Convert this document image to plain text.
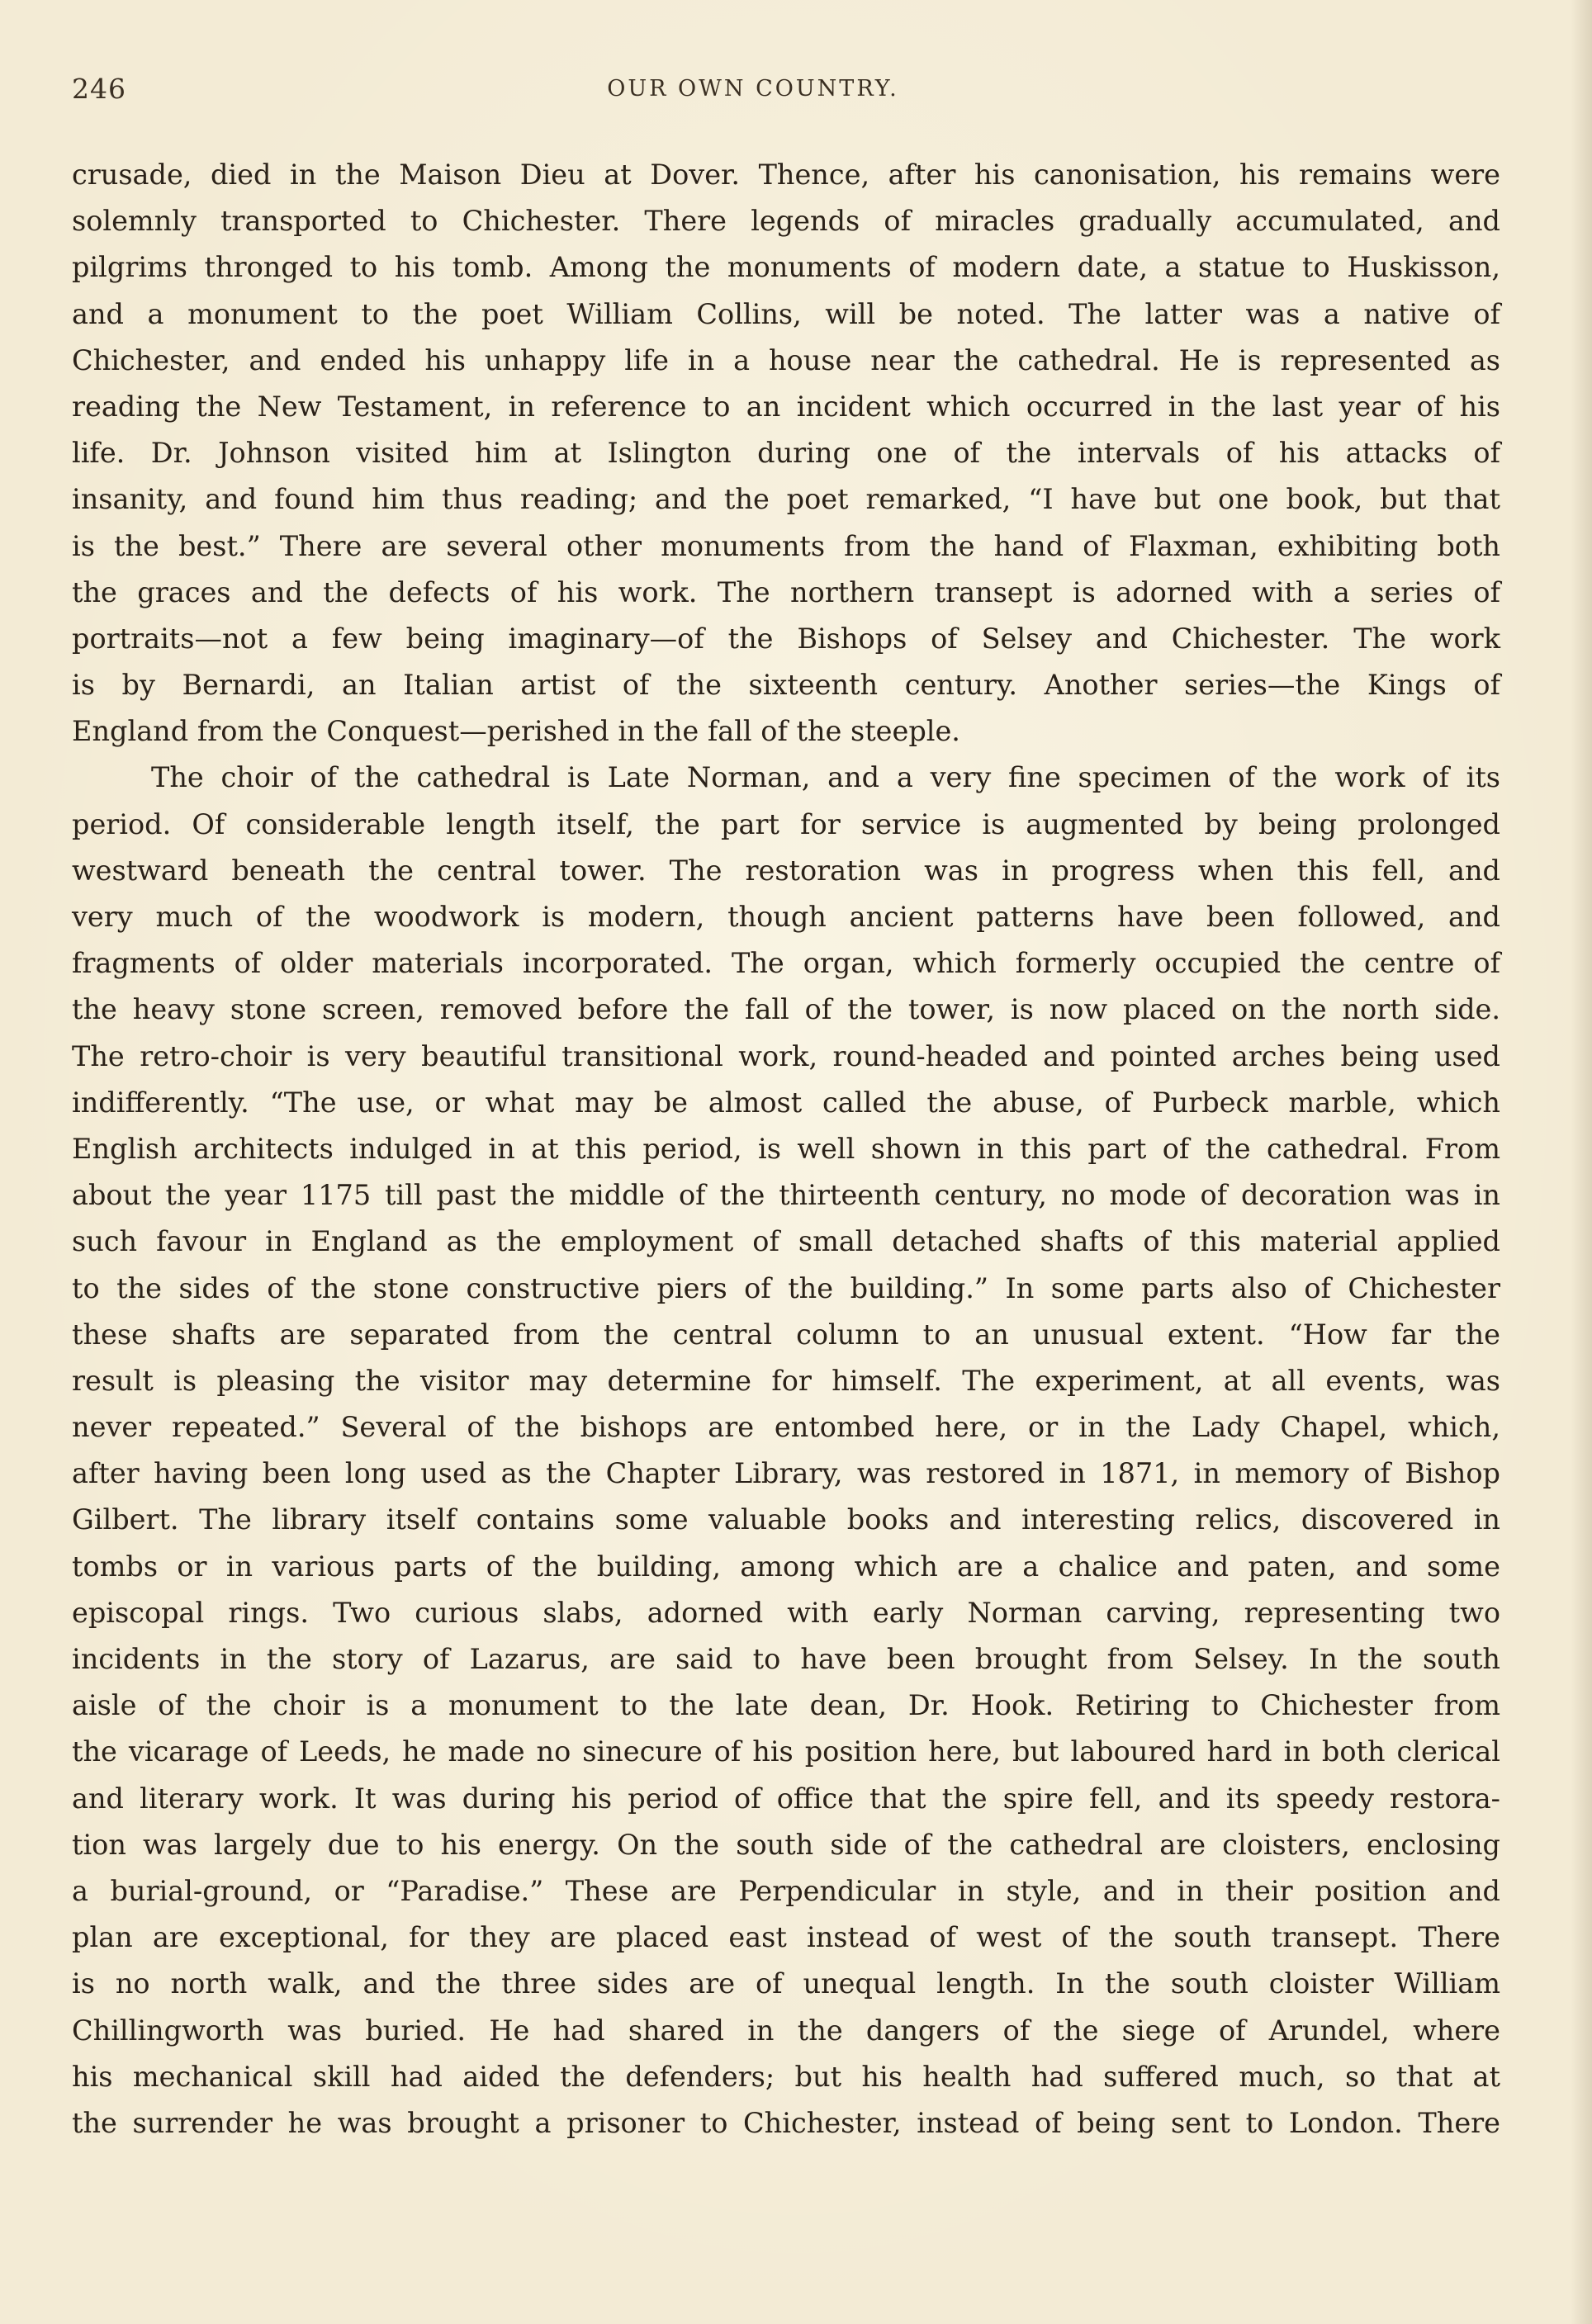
246	OUR OWN COUNTRY.
crusade, died in the Maison Dieu at Dover. Thence, after his canonisation, his remains were
solemnly transported to Chichester. There legends of miracles gradually accumulated, and
pilgrims thronged to his tomb. Among the monuments of modern date, a statue to Huskisson,
and a monument to the poet William Collins, will be noted. The latter was a native of
Chichester, and ended his unhappy life in a house near the cathedral. He is represented as
reading the New Testament, in reference to an incident which occurred in the last year of his
life. Dr. Johnson visited him at Islington during one of the intervals of his attacks of
insanity, and found him thus reading; and the poet remarked, “I have but one book, but that
is the best.” There are several other monuments from the hand of Flaxman, exhibiting both
the graces and the defects of his work. The northern transept is adorned with a series of
portraits—not a few being imaginary—of the Bishops of Selsey and Chichester. The work
is by Bernardi, an Italian artist of the sixteenth century. Another series—the Kings of
England from the Conquest—perished in the fall of the steeple.
The choir of the cathedral is Late Norman, and a very fine specimen of the work of its
period. Of considerable length itself, the part for service is augmented by being prolonged
westward beneath the central tower. The restoration was in progress when this fell, and
very much of the woodwork is modern, though ancient patterns have been followed, and
fragments of older materials incorporated. The organ, which formerly occupied the centre of
the heavy stone screen, removed before the fall of the tower, is now placed on the north side.
The retro-choir is very beautiful transitional work, round-headed and pointed arches being used
indifferently. “The use, or what may be almost called the abuse, of Purbeck marble, which
English architects indulged in at this period, is well shown in this part of the cathedral. From
about the year 1175 till past the middle of the thirteenth century, no mode of decoration was in
such favour in England as the employment of small detached shafts of this material applied
to the sides of the stone constructive piers of the building.” In some parts also of Chichester
these shafts are separated from the central column to an unusual extent. “How far the
result is pleasing the visitor may determine for himself. The experiment, at all events, was
never repeated.” Several of the bishops are entombed here, or in the Lady Chapel, which,
after having been long used as the Chapter Library, was restored in 1871, in memory of Bishop
Gilbert. The library itself contains some valuable books and interesting relics, discovered in
tombs or in various parts of the building, among which are a chalice and paten, and some
episcopal rings. Two curious slabs, adorned with early Norman carving, representing two
incidents in the story of Lazarus, are said to have been brought from Selsey. In the south
aisle of the choir is a monument to the late dean, Dr. Hook. Retiring to Chichester from
the vicarage of Leeds, he made no sinecure of his position here, but laboured hard in both clerical
and literary work. It was during his period of office that the spire fell, and its speedy restora-
tion was largely due to his energy. On the south side of the cathedral are cloisters, enclosing
a burial-ground, or “Paradise.” These are Perpendicular in style, and in their position and
plan are exceptional, for they are placed east instead of west of the south transept. There
is no north walk, and the three sides are of unequal length. In the south cloister William
Chillingworth was buried. He had shared in the dangers of the siege of Arundel, where
his mechanical skill had aided the defenders; but his health had suffered much, so that at
the surrender he was brought a prisoner to Chichester, instead of being sent to London. There
